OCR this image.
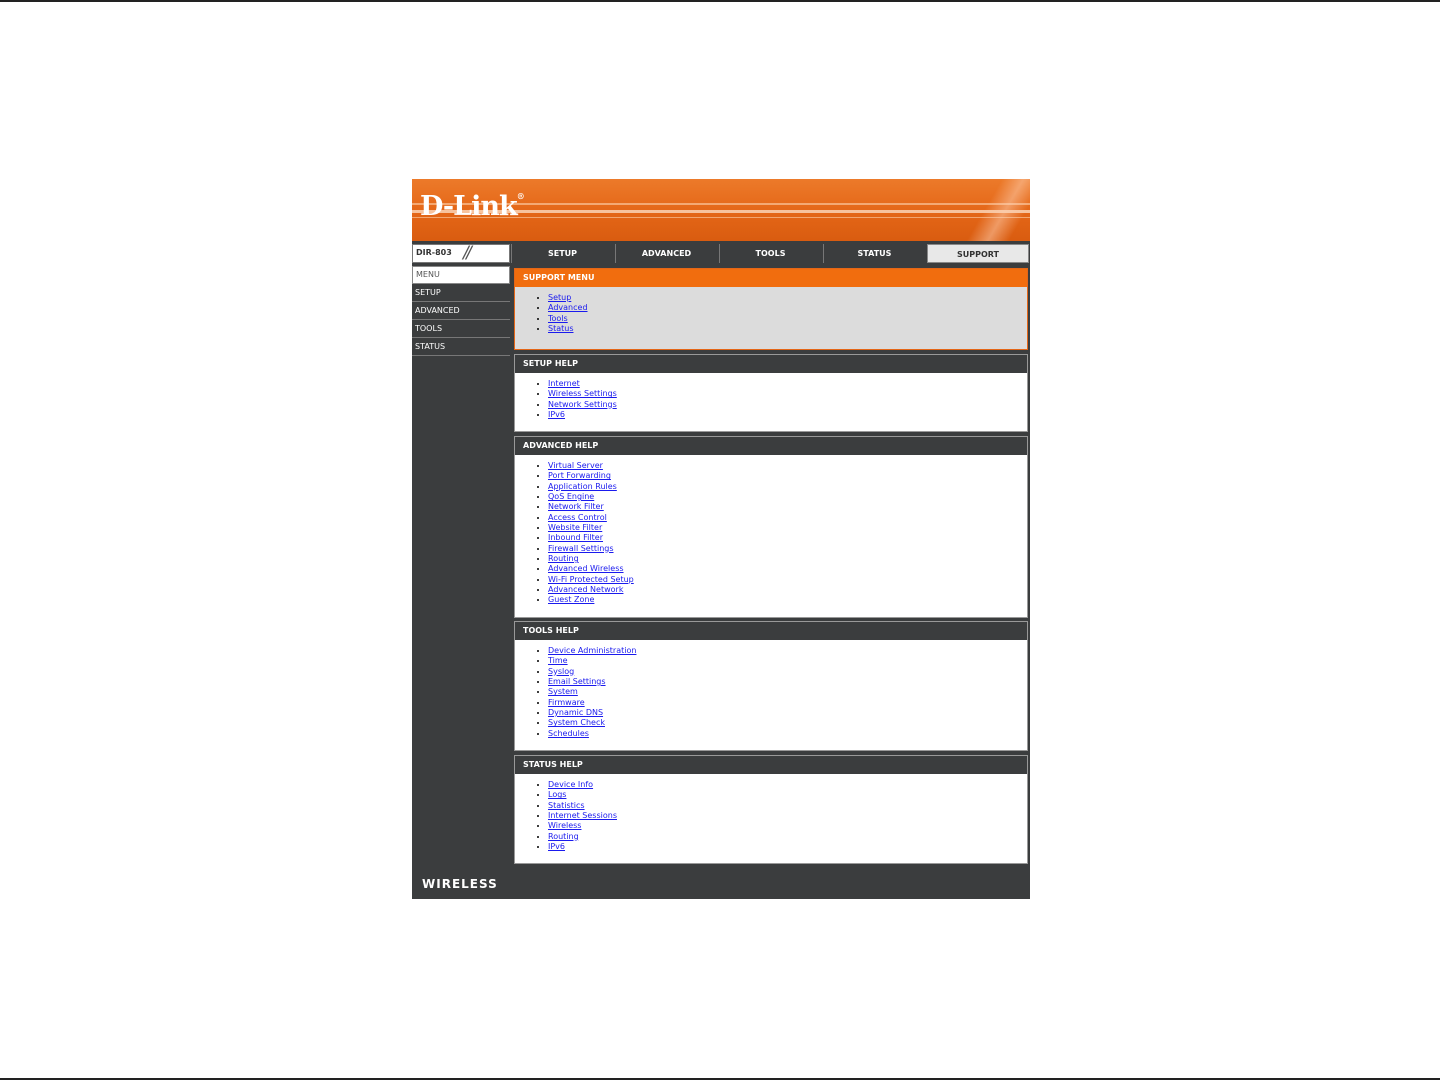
D-Link®
DIR-803 / /	SETUP	ADVANCED	TOOLS	STATUS	SUPPORT
MENU
SETUP
ADVANCED
TOOLS
STATUS
SUPPORT MENU
• Setup
• Advanced
• Tools
• Status
SETUP HELP
• Internet
• Wireless Settings
• Network Settings
• IPv6
ADVANCED HELP
• Virtual Server
• Port Forwarding
• Application Rules
• QoS Engine
• Network Filter
• Access Control
• Website Filter
• Inbound Filter
• Firewall Settings
• Routing
• Advanced Wireless
• Wi-Fi Protected Setup
• Advanced Network
• Guest Zone
TOOLS HELP
• Device Administration
• Time
• Syslog
• Email Settings
• System
• Firmware
• Dynamic DNS
• System Check
• Schedules
STATUS HELP
• Device Info
• Logs
• Statistics
• Internet Sessions
• Wireless
• Routing
• IPv6
WIRELESS
